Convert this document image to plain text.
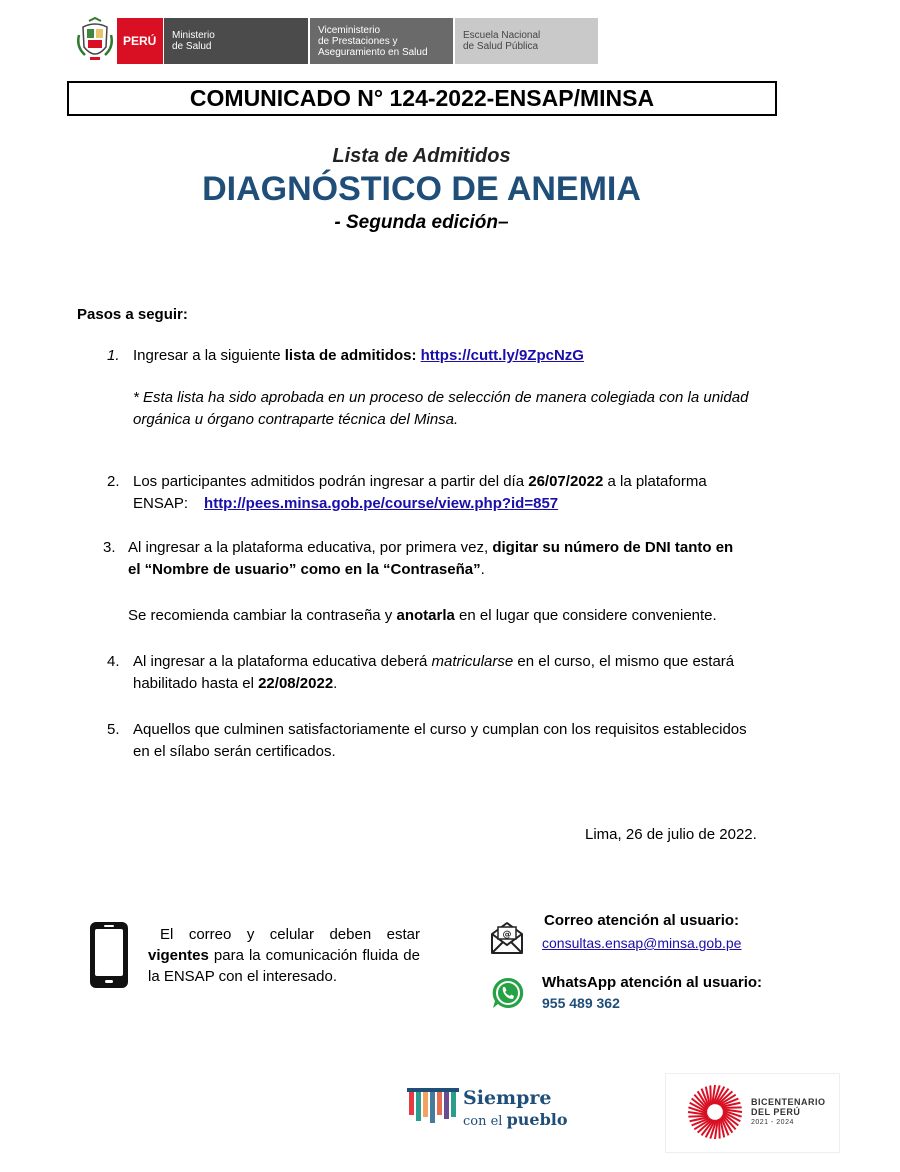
PERÚ	Ministerio
de Salud
Viceministerio
de Prestaciones y
Aseguramiento en Salud
Escuela Nacional
de Salud Pública
COMUNICADO N° 124-2022-ENSAP/MINSA
Lista de Admitidos
DIAGNÓSTICO DE ANEMIA
- Segunda edición–
Pasos a seguir:
1. Ingresar a la siguiente lista de admitidos: https://cutt.ly/9ZpcNzG
* Esta lista ha sido aprobada en un proceso de selección de manera colegiada con la unidad
orgánica u órgano contraparte técnica del Minsa.
2. Los participantes admitidos podrán ingresar a partir del día 26/07/2022 a la plataforma
ENSAP: http://pees.minsa.gob.pe/course/view.php?id=857
3. Al ingresar a la plataforma educativa, por primera vez, digitar su número de DNI tanto en
el “Nombre de usuario” como en la “Contraseña”.
Se recomienda cambiar la contraseña y anotarla en el lugar que considere conveniente.
4. Al ingresar a la plataforma educativa deberá matricularse en el curso, el mismo que estará
habilitado hasta el 22/08/2022.
5. Aquellos que culminen satisfactoriamente el curso y cumplan con los requisitos establecidos
en el sílabo serán certificados.
Lima, 26 de julio de 2022.
El correo y celular deben estar vigentes para la comunicación fluida de la ENSAP con el interesado.
@
Correo atención al usuario:
consultas.ensap@minsa.gob.pe
WhatsApp atención al usuario:
955 489 362
Siempre
con el pueblo
BICENTENARIO
DEL PERÚ
2021 - 2024
